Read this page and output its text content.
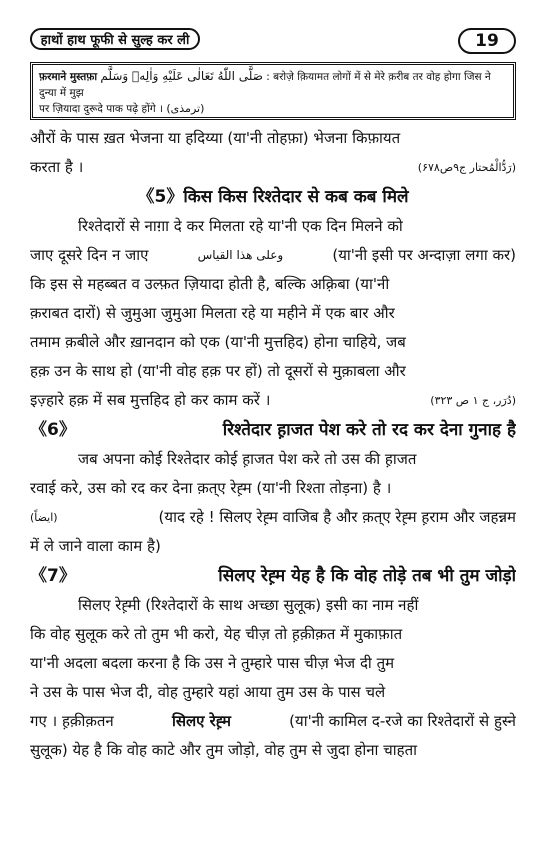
हाथों हाथ फूफी से सुल्ह कर ली	19
फ़रमाने मुस्तफ़ा صَلَّى اللّٰهُ تَعَالٰى عَلَيْهِ وَاٰلِهٖ وَسَلَّم : बरोज़े क़ियामत लोगों में से मेरे क़रीब तर वोह होगा जिस ने दुन्या में मुझ
पर ज़ियादा दुरूदे पाक पढ़े होंगे । (ترمذی)
औरों के पास ख़त भेजना या हदिय्या (या'नी तोहफ़ा) भेजना किफ़ायत
करता है ।	(رَدُّالْمُحتار ج۹ص۶۷۸)
《5》 किस किस रिश्तेदार से कब कब मिले
रिश्तेदारों से नाग़ा दे कर मिलता रहे या'नी एक दिन मिलने को
जाए दूसरे दिन न जाए	وعلی ھذا القیاس	(या'नी इसी पर अन्दाज़ा लगा कर)
कि इस से महब्बत व उल्फ़त ज़ियादा होती है, बल्कि अक़्रिबा (या'नी
क़राबत दारों) से जुमुआ जुमुआ मिलता रहे या महीने में एक बार और
तमाम क़बीले और ख़ानदान को एक (या'नी मुत्तहिद) होना चाहिये, जब
हक़ उन के साथ हो (या'नी वोह हक़ पर हों) तो दूसरों से मुक़ाबला और
इज़्हारे हक़ में सब मुत्तहिद हो कर काम करें ।	(دُرَر، ج ۱ ص ۳۲۳)
《6》	रिश्तेदार ह़ाजत पेश करे तो रद कर देना गुनाह है
जब अपना कोई रिश्तेदार कोई ह़ाजत पेश करे तो उस की ह़ाजत
रवाई करे, उस को रद कर देना क़त्ए रेह़्म (या'नी रिश्ता तोड़ना) है ।
(ایضاً)	(याद रहे ! सिलए रेह़्म वाजिब है और क़त्ए रेह़्म ह़राम और जहन्नम
में ले जाने वाला काम है)
《7》	सिलए रेह़्म येह है कि वोह तोड़े तब भी तुम जोड़ो
सिलए रेह़्मी (रिश्तेदारों के साथ अच्छा सुलूक) इसी का नाम नहीं
कि वोह सुलूक करे तो तुम भी करो, येह चीज़ तो ह़क़ीक़त में मुकाफ़ात
या'नी अदला बदला करना है कि उस ने तुम्हारे पास चीज़ भेज दी तुम
ने उस के पास भेज दी, वोह तुम्हारे यहां आया तुम उस के पास चले
गए । ह़क़ीक़तन	सिलए रेह़्म	(या'नी कामिल द-रजे का रिश्तेदारों से हुस्ने
सुलूक) येह है कि वोह काटे और तुम जोड़ो, वोह तुम से जुदा होना चाहता
